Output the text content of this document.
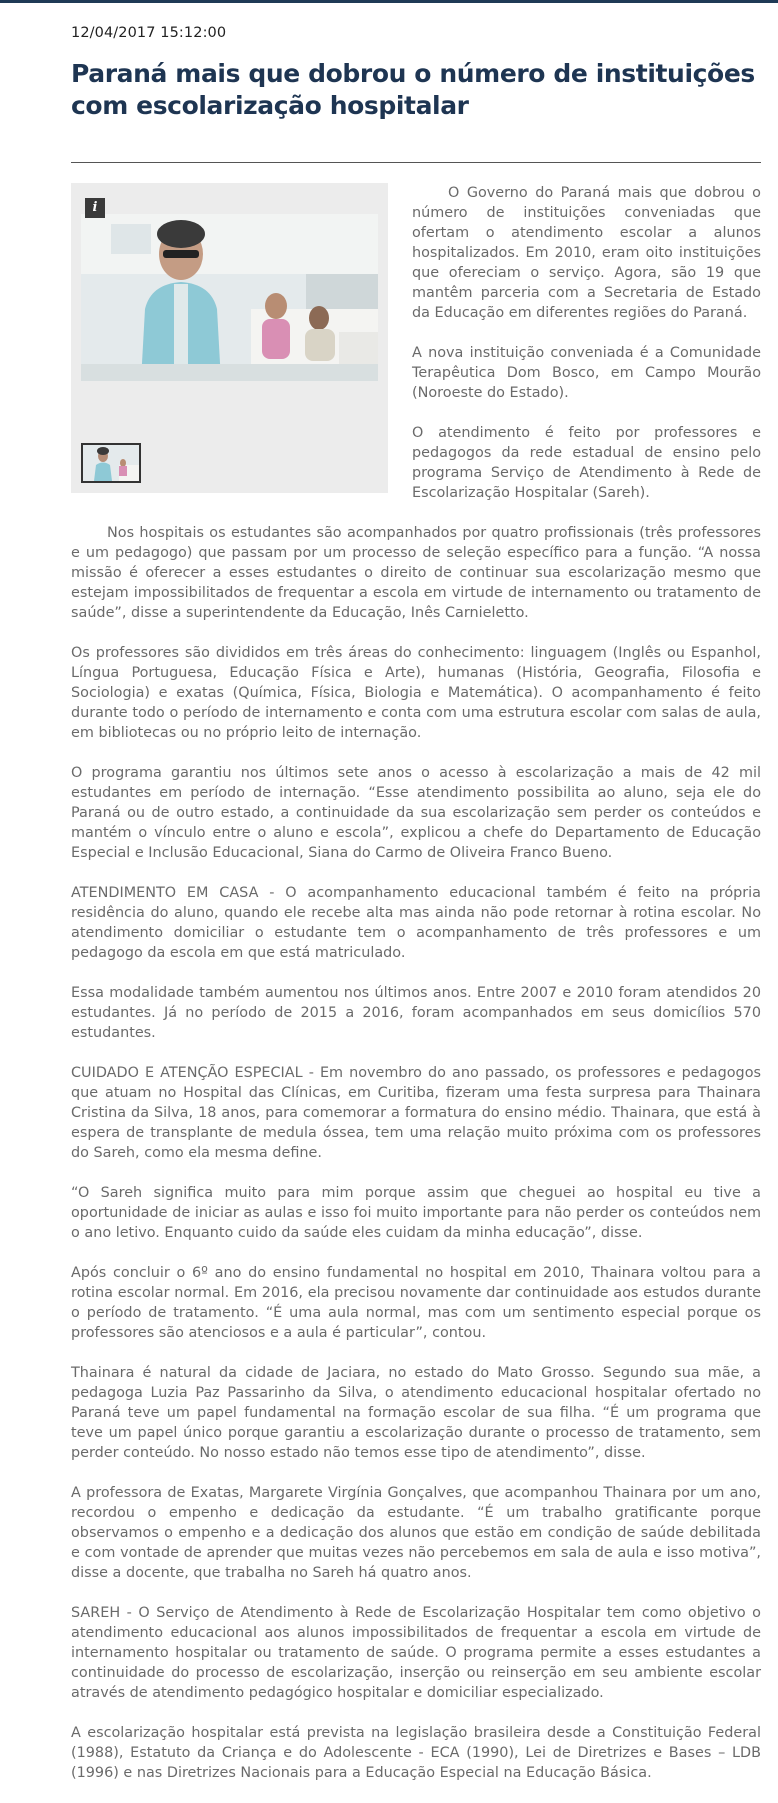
12/04/2017 15:12:00
Paraná mais que dobrou o número de instituições com escolarização hospitalar
i

O Governo do Paraná mais que dobrou o número de instituições conveniadas que ofertam o atendimento escolar a alunos hospitalizados. Em 2010, eram oito instituições que ofereciam o serviço. Agora, são 19 que mantêm parceria com a Secretaria de Estado da Educação em diferentes regiões do Paraná.

A nova instituição conveniada é a Comunidade Terapêutica Dom Bosco, em Campo Mourão (Noroeste do Estado).

O atendimento é feito por professores e pedagogos da rede estadual de ensino pelo programa Serviço de Atendimento à Rede de Escolarização Hospitalar (Sareh).

Nos hospitais os estudantes são acompanhados por quatro profissionais (três professores e um pedagogo) que passam por um processo de seleção específico para a função. “A nossa missão é oferecer a esses estudantes o direito de continuar sua escolarização mesmo que estejam impossibilitados de frequentar a escola em virtude de internamento ou tratamento de saúde”, disse a superintendente da Educação, Inês Carnieletto.

Os professores são divididos em três áreas do conhecimento: linguagem (Inglês ou Espanhol, Língua Portuguesa, Educação Física e Arte), humanas (História, Geografia, Filosofia e Sociologia) e exatas (Química, Física, Biologia e Matemática). O acompanhamento é feito durante todo o período de internamento e conta com uma estrutura escolar com salas de aula, em bibliotecas ou no próprio leito de internação.

O programa garantiu nos últimos sete anos o acesso à escolarização a mais de 42 mil estudantes em período de internação. “Esse atendimento possibilita ao aluno, seja ele do Paraná ou de outro estado, a continuidade da sua escolarização sem perder os conteúdos e mantém o vínculo entre o aluno e escola”, explicou a chefe do Departamento de Educação Especial e Inclusão Educacional, Siana do Carmo de Oliveira Franco Bueno.

ATENDIMENTO EM CASA - O acompanhamento educacional também é feito na própria residência do aluno, quando ele recebe alta mas ainda não pode retornar à rotina escolar. No atendimento domiciliar o estudante tem o acompanhamento de três professores e um pedagogo da escola em que está matriculado.

Essa modalidade também aumentou nos últimos anos. Entre 2007 e 2010 foram atendidos 20 estudantes. Já no período de 2015 a 2016, foram acompanhados em seus domicílios 570 estudantes.

CUIDADO E ATENÇÃO ESPECIAL - Em novembro do ano passado, os professores e pedagogos que atuam no Hospital das Clínicas, em Curitiba, fizeram uma festa surpresa para Thainara Cristina da Silva, 18 anos, para comemorar a formatura do ensino médio. Thainara, que está à espera de transplante de medula óssea, tem uma relação muito próxima com os professores do Sareh, como ela mesma define.

“O Sareh significa muito para mim porque assim que cheguei ao hospital eu tive a oportunidade de iniciar as aulas e isso foi muito importante para não perder os conteúdos nem o ano letivo. Enquanto cuido da saúde eles cuidam da minha educação”, disse.

Após concluir o 6º ano do ensino fundamental no hospital em 2010, Thainara voltou para a rotina escolar normal. Em 2016, ela precisou novamente dar continuidade aos estudos durante o período de tratamento. “É uma aula normal, mas com um sentimento especial porque os professores são atenciosos e a aula é particular”, contou.

Thainara é natural da cidade de Jaciara, no estado do Mato Grosso. Segundo sua mãe, a pedagoga Luzia Paz Passarinho da Silva, o atendimento educacional hospitalar ofertado no Paraná teve um papel fundamental na formação escolar de sua filha. “É um programa que teve um papel único porque garantiu a escolarização durante o processo de tratamento, sem perder conteúdo. No nosso estado não temos esse tipo de atendimento”, disse.

A professora de Exatas, Margarete Virgínia Gonçalves, que acompanhou Thainara por um ano, recordou o empenho e dedicação da estudante. “É um trabalho gratificante porque observamos o empenho e a dedicação dos alunos que estão em condição de saúde debilitada e com vontade de aprender que muitas vezes não percebemos em sala de aula e isso motiva”, disse a docente, que trabalha no Sareh há quatro anos.

SAREH - O Serviço de Atendimento à Rede de Escolarização Hospitalar tem como objetivo o atendimento educacional aos alunos impossibilitados de frequentar a escola em virtude de internamento hospitalar ou tratamento de saúde. O programa permite a esses estudantes a continuidade do processo de escolarização, inserção ou reinserção em seu ambiente escolar através de atendimento pedagógico hospitalar e domiciliar especializado.

A escolarização hospitalar está prevista na legislação brasileira desde a Constituição Federal (1988), Estatuto da Criança e do Adolescente - ECA (1990), Lei de Diretrizes e Bases – LDB (1996) e nas Diretrizes Nacionais para a Educação Especial na Educação Básica.
